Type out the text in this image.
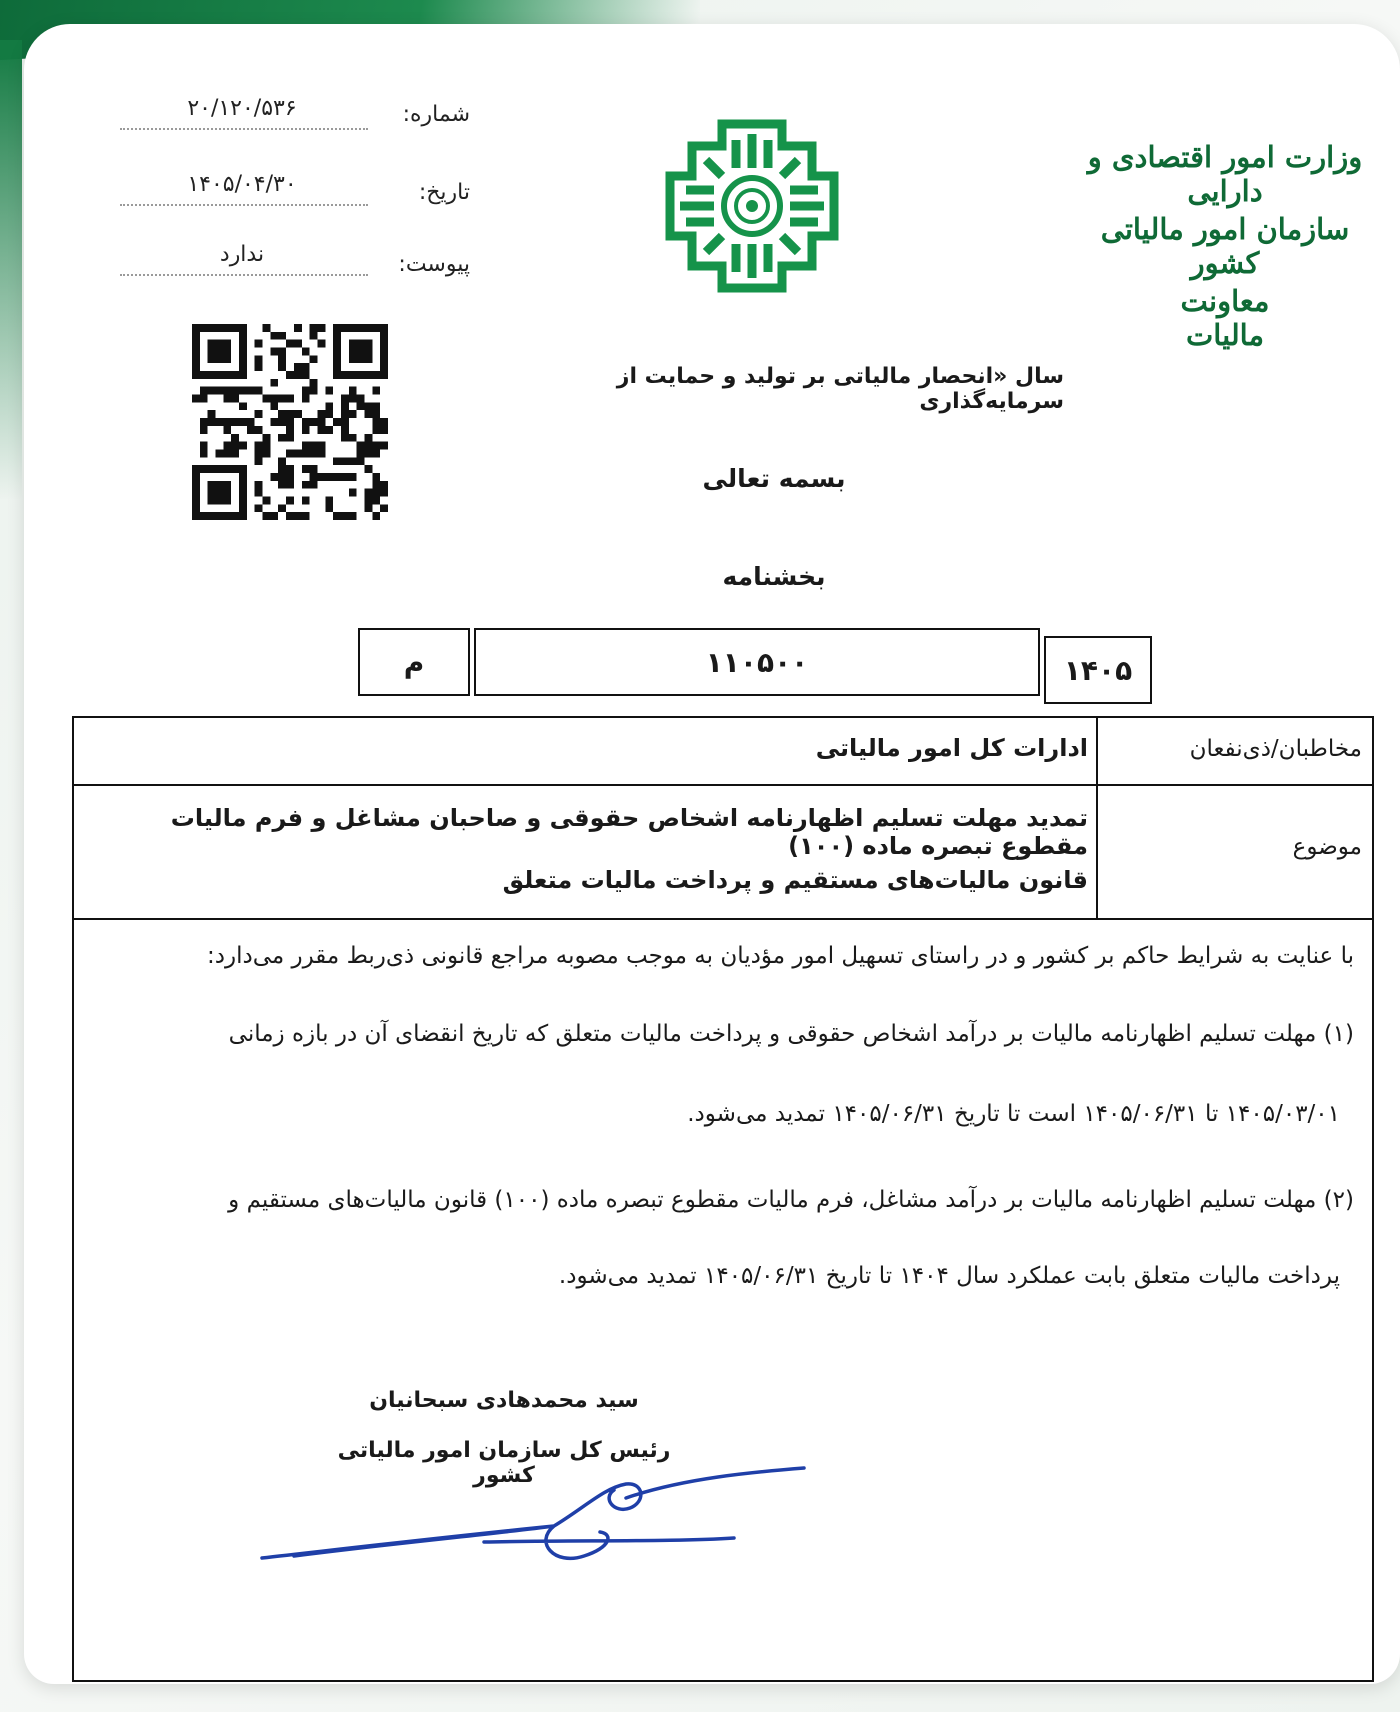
وزارت امور اقتصادی و دارایی
سازمان امور مالیاتی کشور
معاونت مالیات
شماره:
۲۰/۱۲۰/۵۳۶
تاریخ:
۱۴۰۵/۰۴/۳۰
پیوست:
ندارد
سال «انحصار مالیاتی بر تولید و حمایت از سرمایه‌گذاری
بسمه تعالی
بخشنامه
م	۱۱۰۵۰۰	۱۴۰۵
مخاطبان/ذی‌نفعان
ادارات کل امور مالیاتی
موضوع
تمدید مهلت تسلیم اظهارنامه اشخاص حقوقی و صاحبان مشاغل و فرم مالیات مقطوع تبصره ماده (۱۰۰)
قانون مالیات‌های مستقیم و پرداخت مالیات متعلق
با عنایت به شرایط حاکم بر کشور و در راستای تسهیل امور مؤدیان به موجب مصوبه مراجع قانونی ذی‌ربط مقرر می‌دارد:
(۱) مهلت تسلیم اظهارنامه مالیات بر درآمد اشخاص حقوقی و پرداخت مالیات متعلق که تاریخ انقضای آن در بازه زمانی
۱۴۰۵/۰۳/۰۱ تا ۱۴۰۵/۰۶/۳۱ است تا تاریخ ۱۴۰۵/۰۶/۳۱ تمدید می‌شود.
(۲) مهلت تسلیم اظهارنامه مالیات بر درآمد مشاغل، فرم مالیات مقطوع تبصره ماده (۱۰۰) قانون مالیات‌های مستقیم و
پرداخت مالیات متعلق بابت عملکرد سال ۱۴۰۴ تا تاریخ ۱۴۰۵/۰۶/۳۱ تمدید می‌شود.
سید محمدهادی سبحانیان
رئیس کل سازمان امور مالیاتی کشور
